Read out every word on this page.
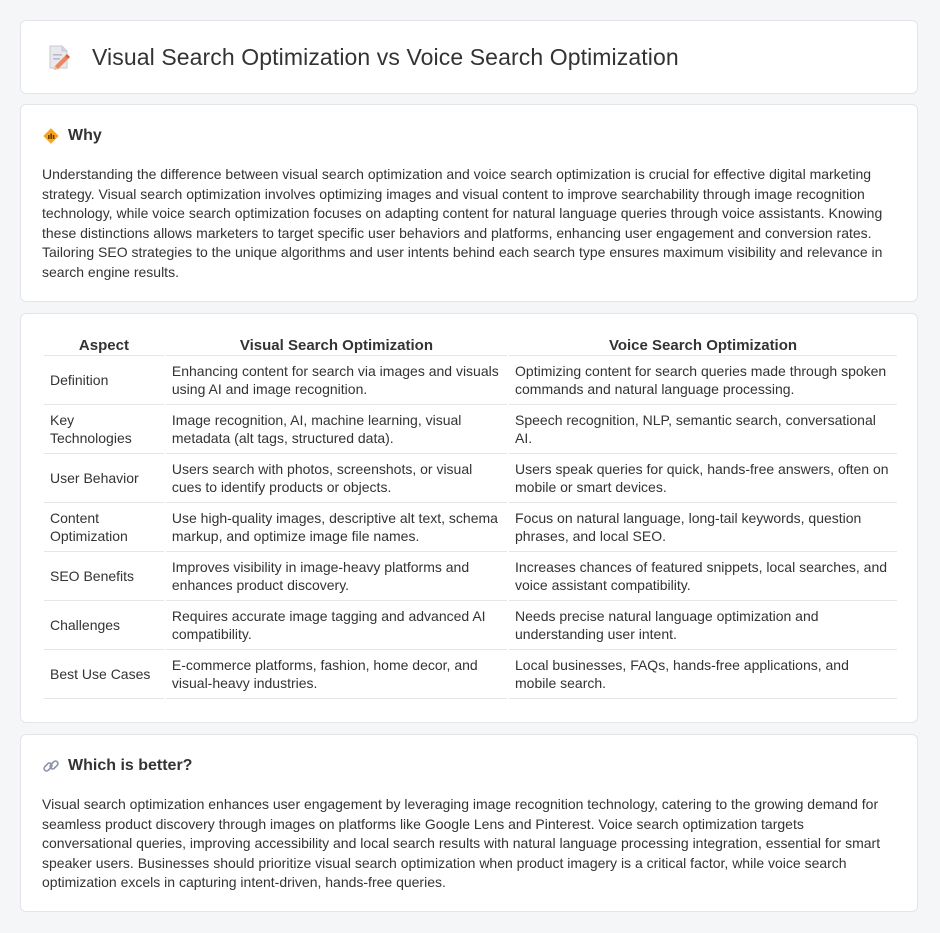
Visual Search Optimization vs Voice Search Optimization
Why

Understanding the difference between visual search optimization and voice search optimization is crucial for effective digital marketing strategy. Visual search optimization involves optimizing images and visual content to improve searchability through image recognition technology, while voice search optimization focuses on adapting content for natural language queries through voice assistants. Knowing these distinctions allows marketers to target specific user behaviors and platforms, enhancing user engagement and conversion rates. Tailoring SEO strategies to the unique algorithms and user intents behind each search type ensures maximum visibility and relevance in search engine results.

Aspect	Visual Search Optimization	Voice Search Optimization
Definition	Enhancing content for search via images and visuals using AI and image recognition.	Optimizing content for search queries made through spoken commands and natural language processing.
Key Technologies	Image recognition, AI, machine learning, visual metadata (alt tags, structured data).	Speech recognition, NLP, semantic search, conversational AI.
User Behavior	Users search with photos, screenshots, or visual cues to identify products or objects.	Users speak queries for quick, hands-free answers, often on mobile or smart devices.
Content Optimization	Use high-quality images, descriptive alt text, schema markup, and optimize image file names.	Focus on natural language, long-tail keywords, question phrases, and local SEO.
SEO Benefits	Improves visibility in image-heavy platforms and enhances product discovery.	Increases chances of featured snippets, local searches, and voice assistant compatibility.
Challenges	Requires accurate image tagging and advanced AI compatibility.	Needs precise natural language optimization and understanding user intent.
Best Use Cases	E-commerce platforms, fashion, home decor, and visual-heavy industries.	Local businesses, FAQs, hands-free applications, and mobile search.
Which is better?

Visual search optimization enhances user engagement by leveraging image recognition technology, catering to the growing demand for seamless product discovery through images on platforms like Google Lens and Pinterest. Voice search optimization targets conversational queries, improving accessibility and local search results with natural language processing integration, essential for smart speaker users. Businesses should prioritize visual search optimization when product imagery is a critical factor, while voice search optimization excels in capturing intent-driven, hands-free queries.
